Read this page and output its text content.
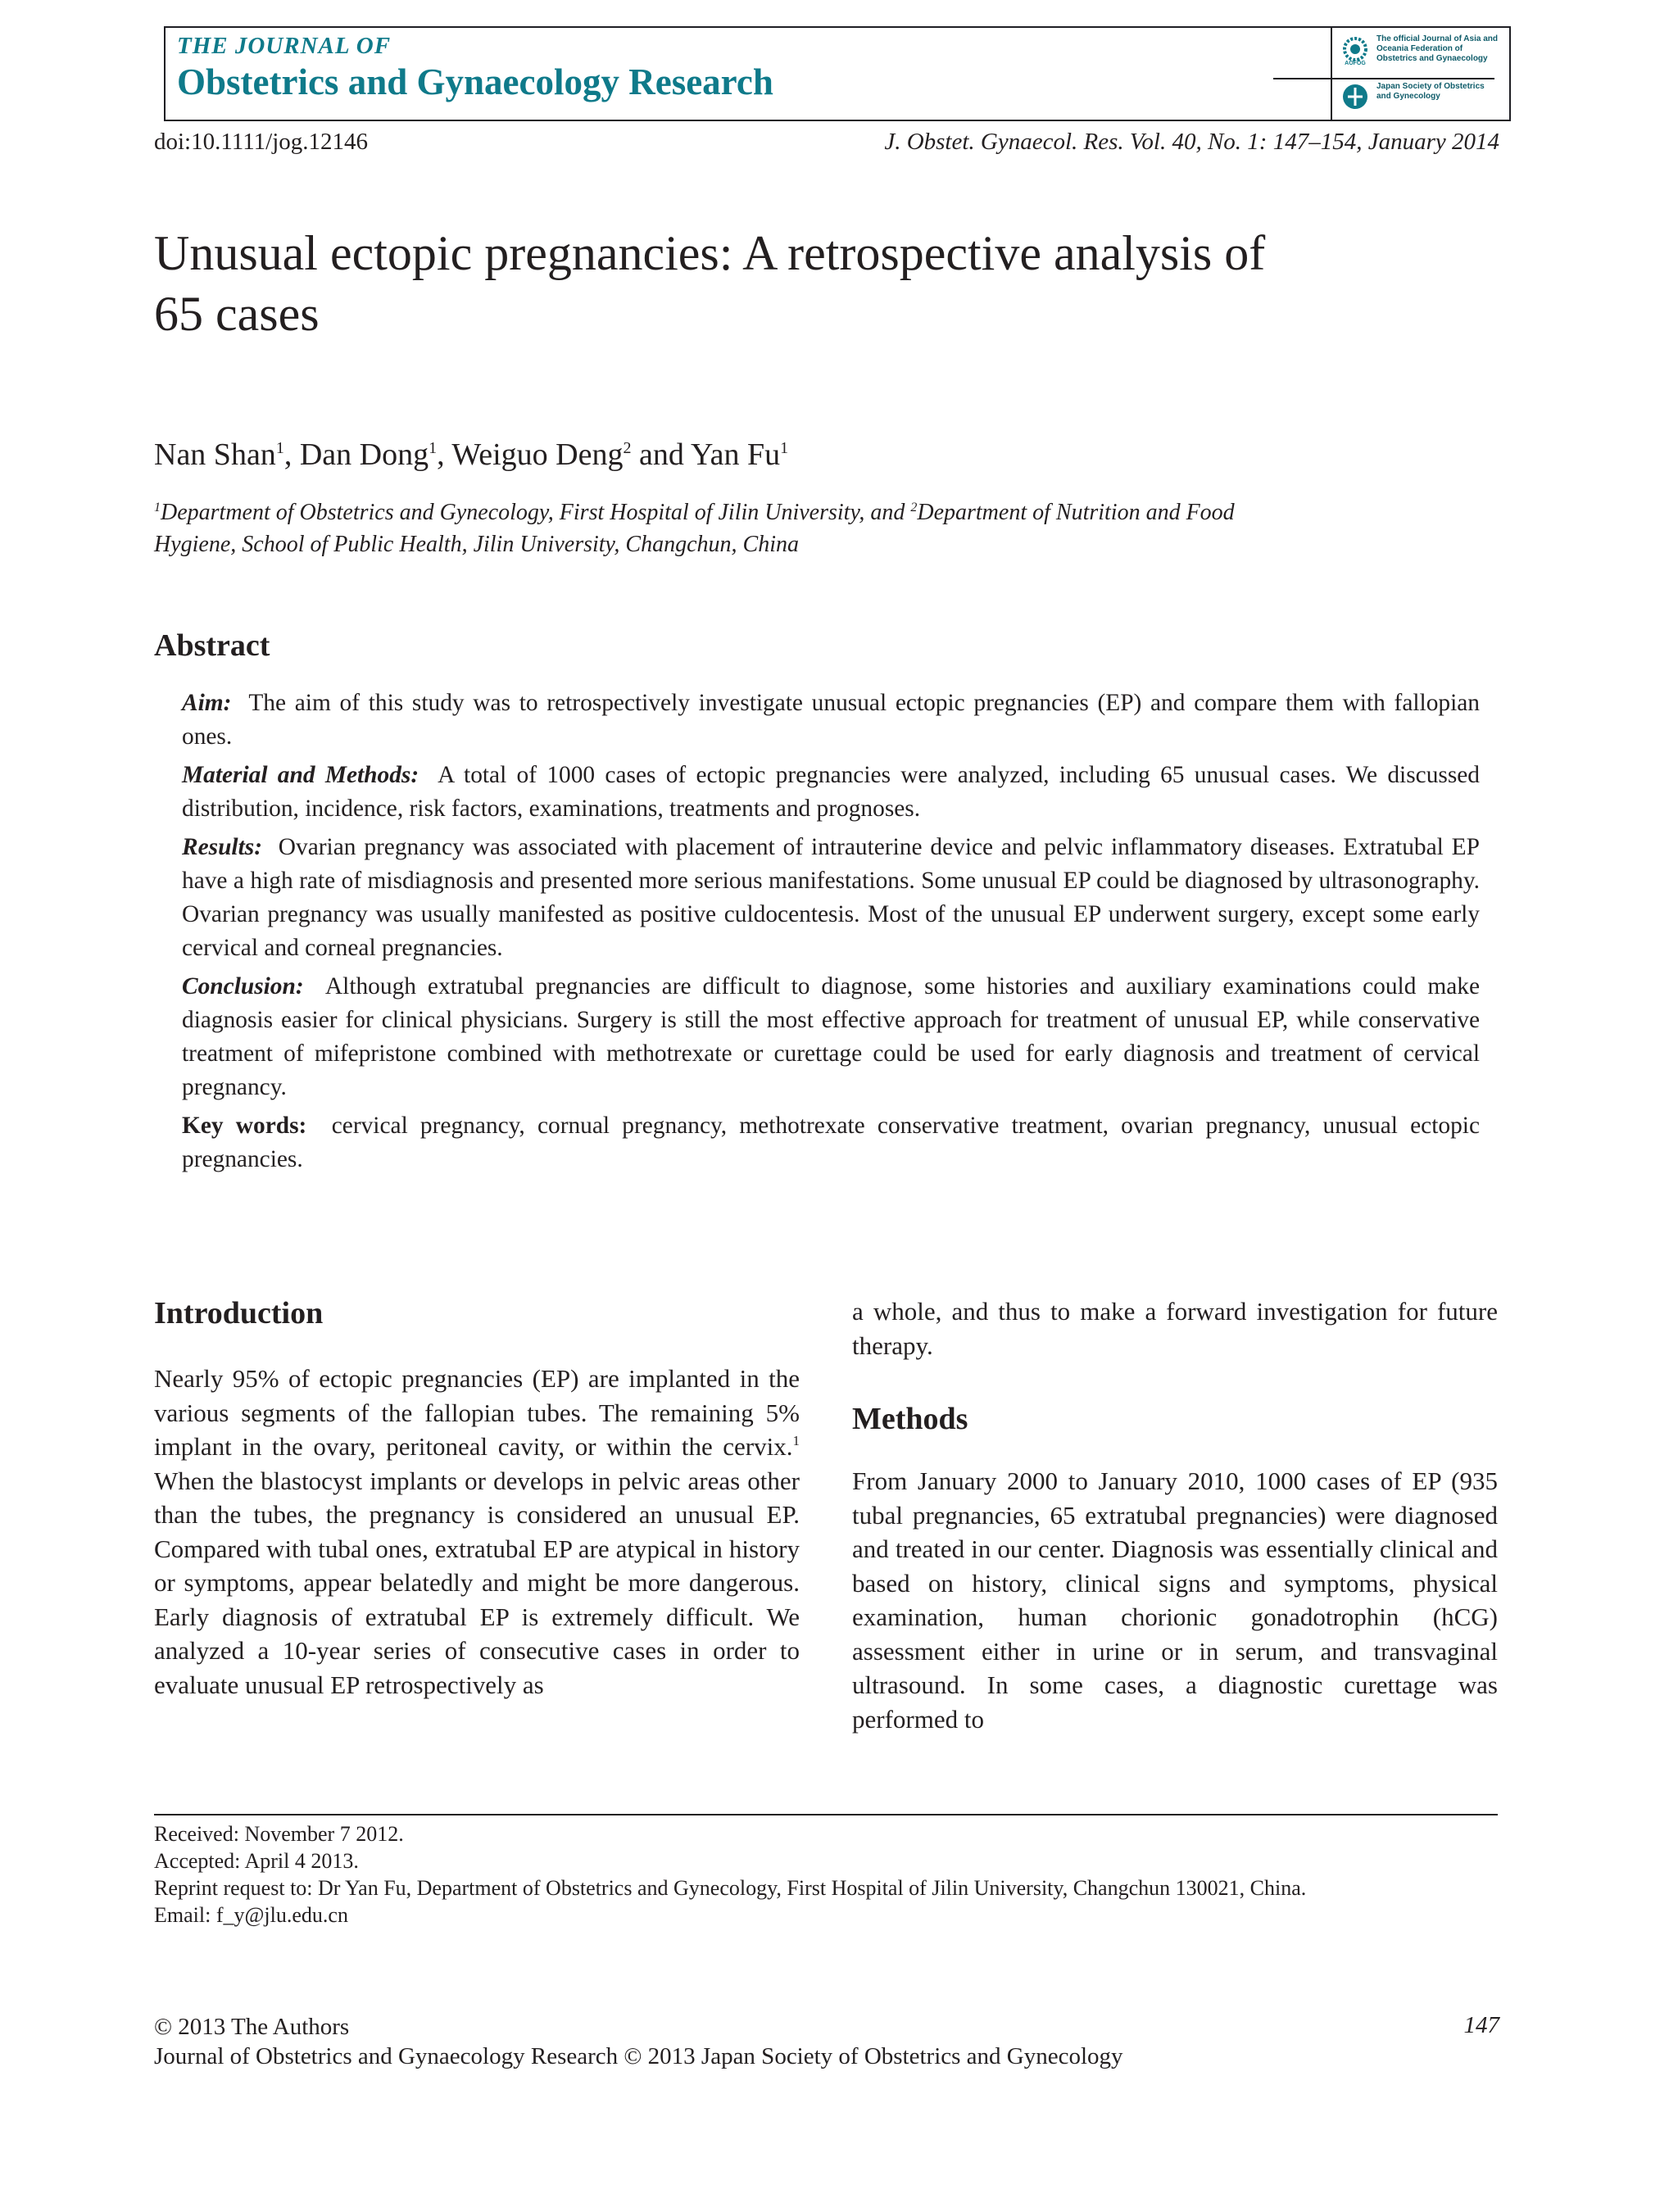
THE JOURNAL OF
Obstetrics and Gynaecology Research	AOFOG
The official Journal of Asia and Oceania Federation of Obstetrics and Gynaecology
Japan Society of Obstetrics and Gynecology
doi:10.1111/jog.12146	J. Obstet. Gynaecol. Res. Vol. 40, No. 1: 147–154, January 2014
Unusual ectopic pregnancies: A retrospective analysis of
65 cases
Nan Shan$^1$, Dan Dong$^1$, Weiguo Deng$^2$ and Yan Fu$^1$
$^1$Department of Obstetrics and Gynecology, First Hospital of Jilin University, and $^2$Department of Nutrition and Food
Hygiene, School of Public Health, Jilin University, Changchun, China
Abstract

Aim: The aim of this study was to retrospectively investigate unusual ectopic pregnancies (EP) and compare them with fallopian ones.

Material and Methods: A total of 1000 cases of ectopic pregnancies were analyzed, including 65 unusual cases. We discussed distribution, incidence, risk factors, examinations, treatments and prognoses.

Results: Ovarian pregnancy was associated with placement of intrauterine device and pelvic inflammatory diseases. Extratubal EP have a high rate of misdiagnosis and presented more serious manifestations. Some unusual EP could be diagnosed by ultrasonography. Ovarian pregnancy was usually manifested as positive culdocentesis. Most of the unusual EP underwent surgery, except some early cervical and corneal pregnancies.

Conclusion: Although extratubal pregnancies are difficult to diagnose, some histories and auxiliary examinations could make diagnosis easier for clinical physicians. Surgery is still the most effective approach for treatment of unusual EP, while conservative treatment of mifepristone combined with methotrexate or curettage could be used for early diagnosis and treatment of cervical pregnancy.

Key words: cervical pregnancy, cornual pregnancy, methotrexate conservative treatment, ovarian pregnancy, unusual ectopic pregnancies.

Introduction

Nearly 95% of ectopic pregnancies (EP) are implanted in the various segments of the fallopian tubes. The remaining 5% implant in the ovary, peritoneal cavity, or within the cervix.$^1$ When the blastocyst implants or develops in pelvic areas other than the tubes, the pregnancy is considered an unusual EP. Compared with tubal ones, extratubal EP are atypical in history or symptoms, appear belatedly and might be more dangerous. Early diagnosis of extratubal EP is extremely difficult. We analyzed a 10-year series of consecutive cases in order to evaluate unusual EP retrospectively as

a whole, and thus to make a forward investigation for future therapy.

Methods

From January 2000 to January 2010, 1000 cases of EP (935 tubal pregnancies, 65 extratubal pregnancies) were diagnosed and treated in our center. Diagnosis was essentially clinical and based on history, clinical signs and symptoms, physical examination, human chorionic gonadotrophin (hCG) assessment either in urine or in serum, and transvaginal ultrasound. In some cases, a diagnostic curettage was performed to

Received: November 7 2012.
Accepted: April 4 2013.
Reprint request to: Dr Yan Fu, Department of Obstetrics and Gynecology, First Hospital of Jilin University, Changchun 130021, China.
Email: f_y@jlu.edu.cn
© 2013 The Authors
Journal of Obstetrics and Gynaecology Research © 2013 Japan Society of Obstetrics and Gynecology
147
